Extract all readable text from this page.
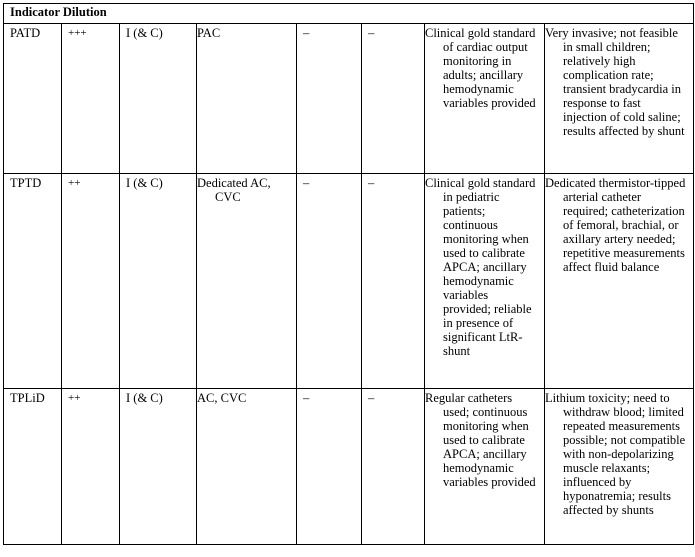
Indicator Dilution							
PATD	+++	I (& C)	PAC	–	–	Clinical gold standard of cardiac output monitoring in adults; ancillary hemodynamic variables provided	Very invasive; not feasible in small children; relatively high complication rate; transient bradycardia in response to fast injection of cold saline; results affected by shunt
TPTD	++	I (& C)	Dedicated AC, CVC	–	–	Clinical gold standard in pediatric patients; continuous monitoring when used to calibrate APCA; ancillary hemodynamic variables provided; reliable in presence of significant LtR-shunt	Dedicated thermistor-tipped arterial catheter required; catheterization of femoral, brachial, or axillary artery needed; repetitive measurements affect fluid balance
TPLiD	++	I (& C)	AC, CVC	–	–	Regular catheters used; continuous monitoring when used to calibrate APCA; ancillary hemodynamic variables provided	Lithium toxicity; need to withdraw blood; limited repeated measurements possible; not compatible with non-depolarizing muscle relaxants; influenced by hyponatremia; results affected by shunts
